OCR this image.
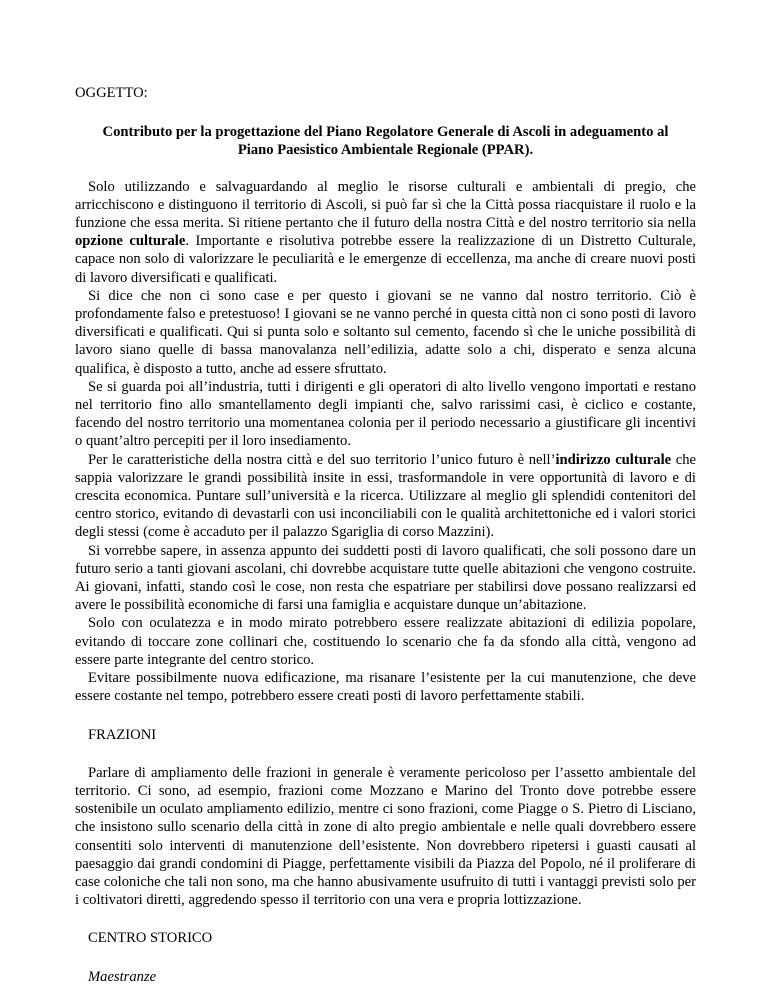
OGGETTO:
Contributo per la progettazione del Piano Regolatore Generale di Ascoli in adeguamento al
Piano Paesistico Ambientale Regionale (PPAR).

Solo utilizzando e salvaguardando al meglio le risorse culturali e ambientali di pregio, che arricchiscono e distinguono il territorio di Ascoli, si può far sì che la Città possa riacquistare il ruolo e la funzione che essa merita. Si ritiene pertanto che il futuro della nostra Città e del nostro territorio sia nella opzione culturale. Importante e risolutiva potrebbe essere la realizzazione di un Distretto Culturale, capace non solo di valorizzare le peculiarità e le emergenze di eccellenza, ma anche di creare nuovi posti di lavoro diversificati e qualificati.

Si dice che non ci sono case e per questo i giovani se ne vanno dal nostro territorio. Ciò è profondamente falso e pretestuoso! I giovani se ne vanno perché in questa città non ci sono posti di lavoro diversificati e qualificati. Qui si punta solo e soltanto sul cemento, facendo sì che le uniche possibilità di lavoro siano quelle di bassa manovalanza nell’edilizia, adatte solo a chi, disperato e senza alcuna qualifica, è disposto a tutto, anche ad essere sfruttato.

Se si guarda poi all’industria, tutti i dirigenti e gli operatori di alto livello vengono importati e restano nel territorio fino allo smantellamento degli impianti che, salvo rarissimi casi, è ciclico e costante, facendo del nostro territorio una momentanea colonia per il periodo necessario a giustificare gli incentivi o quant’altro percepiti per il loro insediamento.

Per le caratteristiche della nostra città e del suo territorio l’unico futuro è nell’indirizzo culturale che sappia valorizzare le grandi possibilità insite in essi, trasformandole in vere opportunità di lavoro e di crescita economica. Puntare sull’università e la ricerca. Utilizzare al meglio gli splendidi contenitori del centro storico, evitando di devastarli con usi inconciliabili con le qualità architettoniche ed i valori storici degli stessi (come è accaduto per il palazzo Sgariglia di corso Mazzini).

Si vorrebbe sapere, in assenza appunto dei suddetti posti di lavoro qualificati, che soli possono dare un futuro serio a tanti giovani ascolani, chi dovrebbe acquistare tutte quelle abitazioni che vengono costruite. Ai giovani, infatti, stando così le cose, non resta che espatriare per stabilirsi dove possano realizzarsi ed avere le possibilità economiche di farsi una famiglia e acquistare dunque un’abitazione.

Solo con oculatezza e in modo mirato potrebbero essere realizzate abitazioni di edilizia popolare, evitando di toccare zone collinari che, costituendo lo scenario che fa da sfondo alla città, vengono ad essere parte integrante del centro storico.

Evitare possibilmente nuova edificazione, ma risanare l’esistente per la cui manutenzione, che deve essere costante nel tempo, potrebbero essere creati posti di lavoro perfettamente stabili.

FRAZIONI

Parlare di ampliamento delle frazioni in generale è veramente pericoloso per l’assetto ambientale del territorio. Ci sono, ad esempio, frazioni come Mozzano e Marino del Tronto dove potrebbe essere sostenibile un oculato ampliamento edilizio, mentre ci sono frazioni, come Piagge o S. Pietro di Lisciano, che insistono sullo scenario della città in zone di alto pregio ambientale e nelle quali dovrebbero essere consentiti solo interventi di manutenzione dell’esistente. Non dovrebbero ripetersi i guasti causati al paesaggio dai grandi condomini di Piagge, perfettamente visibili da Piazza del Popolo, né il proliferare di case coloniche che tali non sono, ma che hanno abusivamente usufruito di tutti i vantaggi previsti solo per i coltivatori diretti, aggredendo spesso il territorio con una vera e propria lottizzazione.

CENTRO STORICO
Maestranze
